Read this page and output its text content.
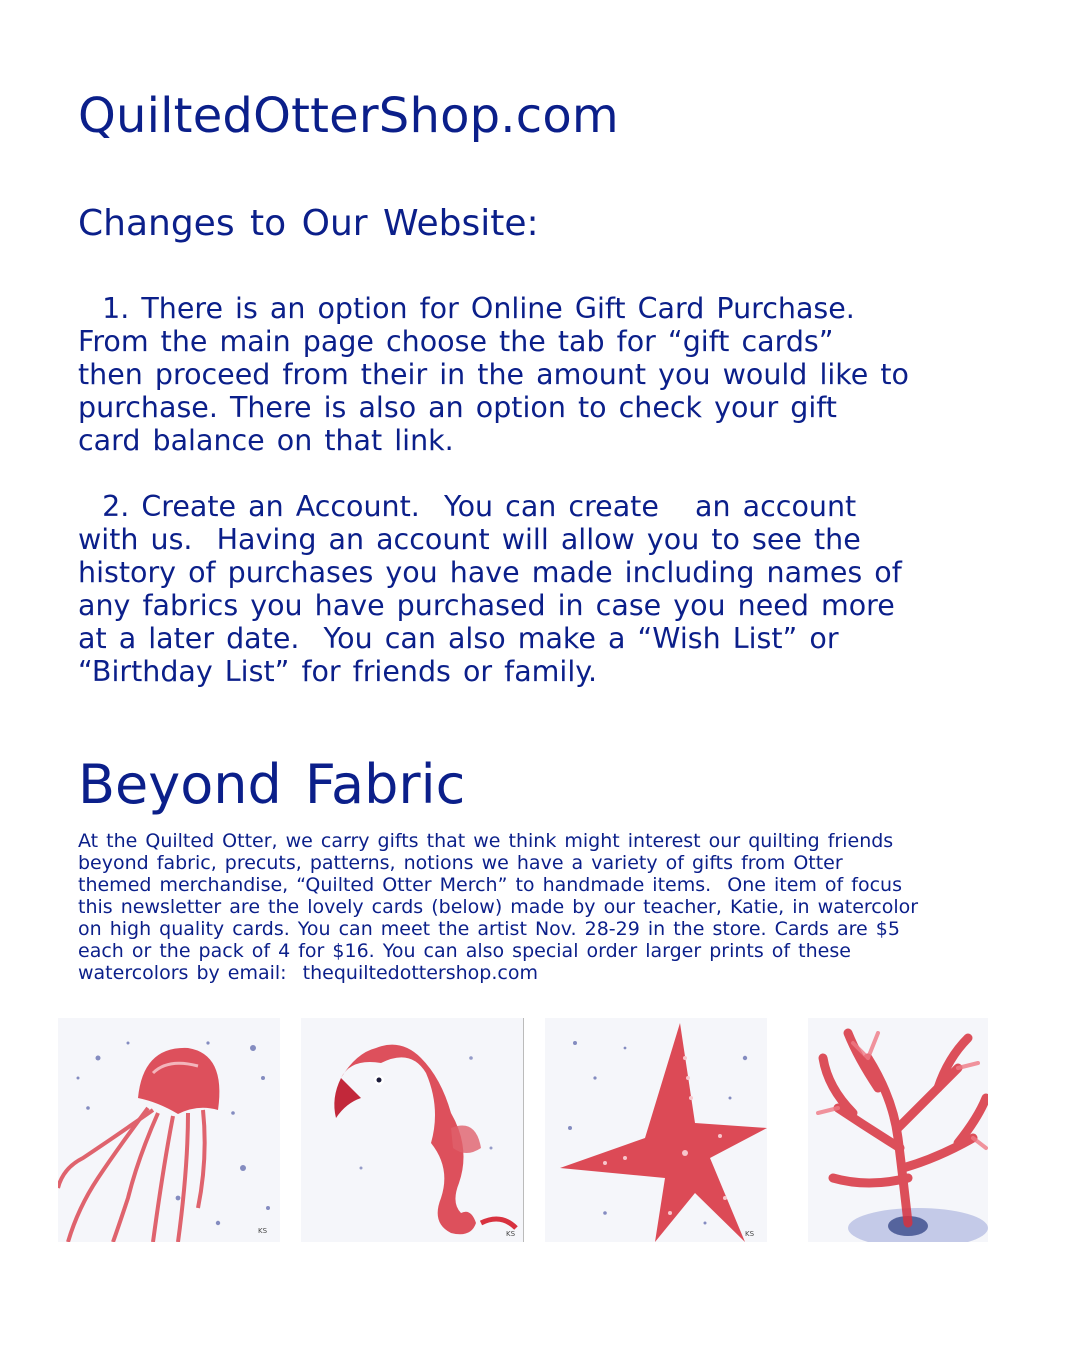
QuiltedOtterShop.com
Changes to Our Website:

1. There is an option for Online Gift Card Purchase.
From the main page choose the tab for “gift cards”
then proceed from their in the amount you would like to
purchase. There is also an option to check your gift
card balance on that link.

2. Create an Account.  You can create   an account
with us.  Having an account will allow you to see the
history of purchases you have made including names of
any fabrics you have purchased in case you need more
at a later date.  You can also make a “Wish List” or
“Birthday List” for friends or family.

Beyond Fabric

At the Quilted Otter, we carry gifts that we think might interest our quilting friends
beyond fabric, precuts, patterns, notions we have a variety of gifts from Otter
themed merchandise, “Quilted Otter Merch” to handmade items.  One item of focus
this newsletter are the lovely cards (below) made by our teacher, Katie, in watercolor
on high quality cards. You can meet the artist Nov. 28-29 in the store. Cards are $5
each or the pack of 4 for $16. You can also special order larger prints of these
watercolors by email:  thequiltedottershop.com

KS	KS	KS
